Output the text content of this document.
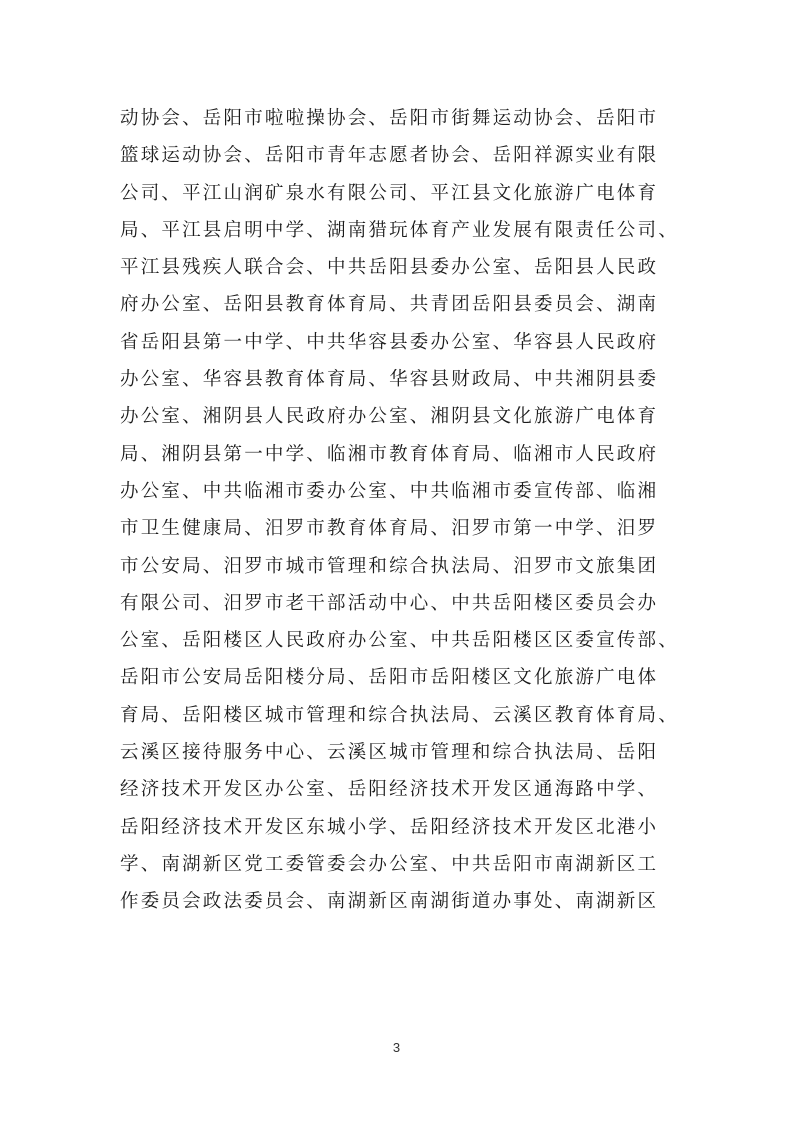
动协会、岳阳市啦啦操协会、岳阳市街舞运动协会、岳阳市
篮球运动协会、岳阳市青年志愿者协会、岳阳祥源实业有限
公司、平江山润矿泉水有限公司、平江县文化旅游广电体育
局、平江县启明中学、湖南猎玩体育产业发展有限责任公司、
平江县残疾人联合会、中共岳阳县委办公室、岳阳县人民政
府办公室、岳阳县教育体育局、共青团岳阳县委员会、湖南
省岳阳县第一中学、中共华容县委办公室、华容县人民政府
办公室、华容县教育体育局、华容县财政局、中共湘阴县委
办公室、湘阴县人民政府办公室、湘阴县文化旅游广电体育
局、湘阴县第一中学、临湘市教育体育局、临湘市人民政府
办公室、中共临湘市委办公室、中共临湘市委宣传部、临湘
市卫生健康局、汨罗市教育体育局、汨罗市第一中学、汨罗
市公安局、汨罗市城市管理和综合执法局、汨罗市文旅集团
有限公司、汨罗市老干部活动中心、中共岳阳楼区委员会办
公室、岳阳楼区人民政府办公室、中共岳阳楼区区委宣传部、
岳阳市公安局岳阳楼分局、岳阳市岳阳楼区文化旅游广电体
育局、岳阳楼区城市管理和综合执法局、云溪区教育体育局、
云溪区接待服务中心、云溪区城市管理和综合执法局、岳阳
经济技术开发区办公室、岳阳经济技术开发区通海路中学、
岳阳经济技术开发区东城小学、岳阳经济技术开发区北港小
学、南湖新区党工委管委会办公室、中共岳阳市南湖新区工
作委员会政法委员会、南湖新区南湖街道办事处、南湖新区
3
